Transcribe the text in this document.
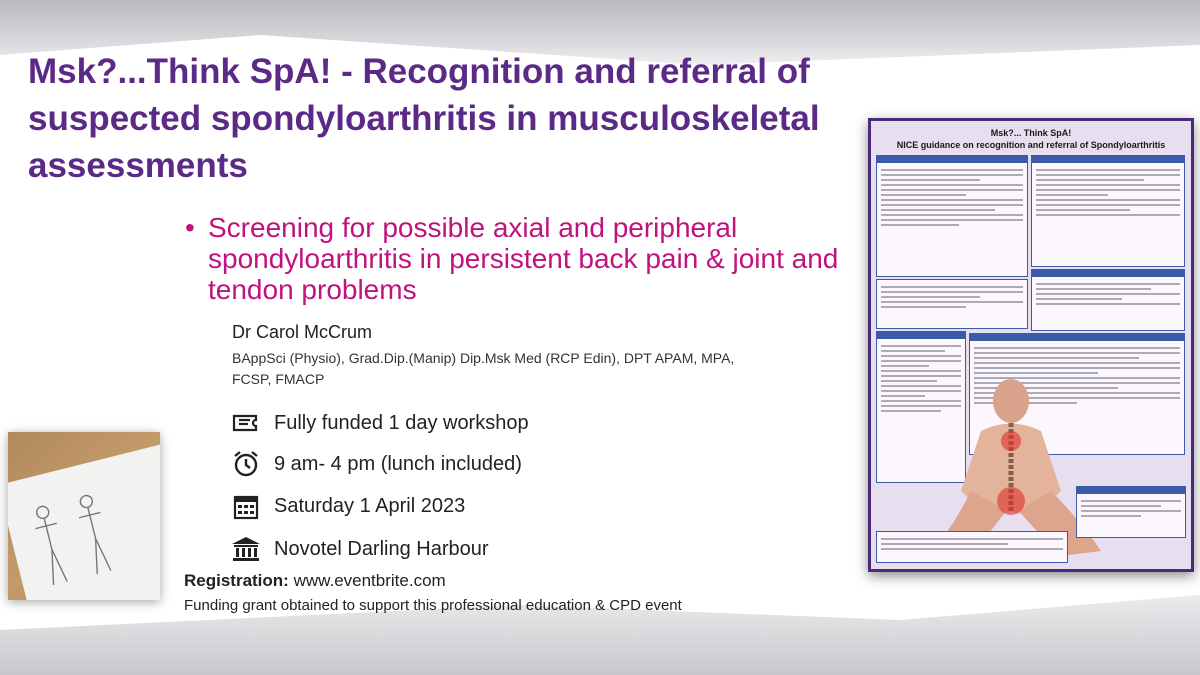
Msk?...Think SpA! - Recognition and referral of suspected spondyloarthritis in musculoskeletal assessments
• Screening for possible axial and peripheral spondyloarthritis in persistent back pain & joint and tendon problems
Dr Carol McCrum
BAppSci (Physio), Grad.Dip.(Manip) Dip.Msk Med (RCP Edin), DPT APAM, MPA, FCSP, FMACP
Fully funded 1 day workshop
9 am- 4 pm (lunch included)
Saturday 1 April 2023
Novotel Darling Harbour
Registration: www.eventbrite.com
Funding grant obtained to support this professional education & CPD event
Msk?... Think SpA!
NICE guidance on recognition and referral of Spondyloarthritis
